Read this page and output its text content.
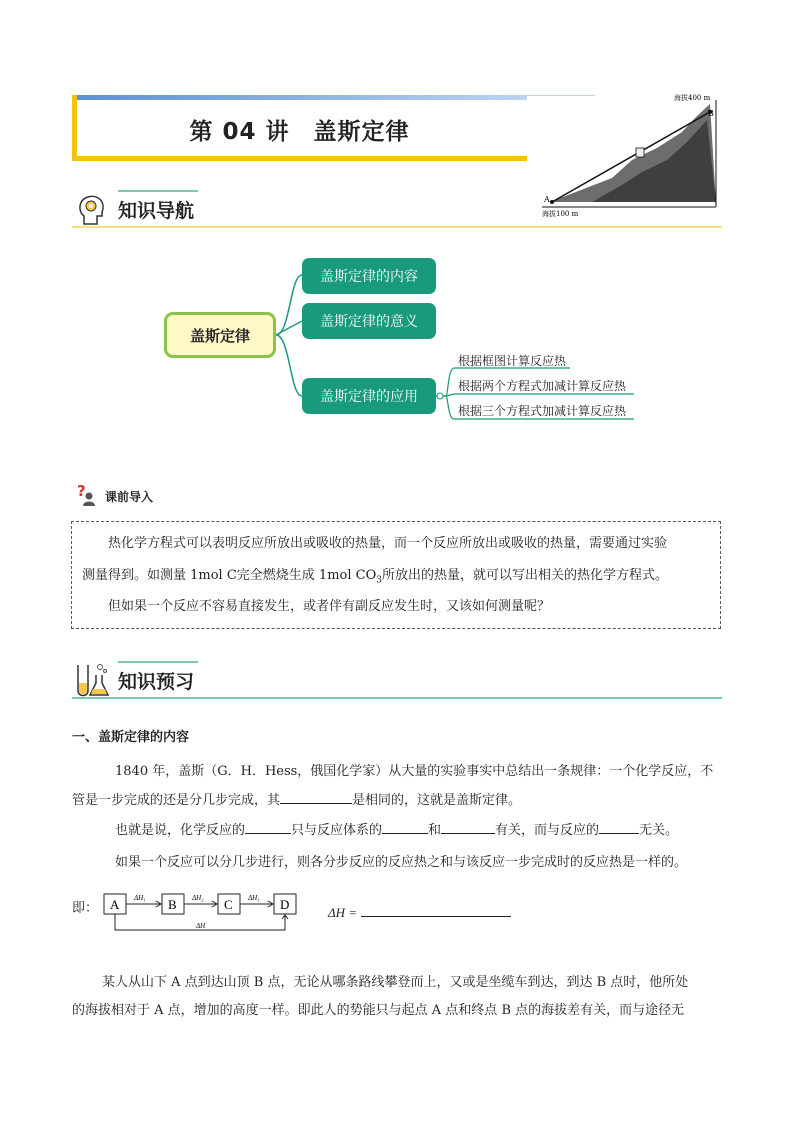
第 04 讲　 盖斯定律
海拔400 m
B
A
海拔100 m
知识导航
盖斯定律
盖斯定律的内容
盖斯定律的意义
盖斯定律的应用
根据框图计算反应热
根据两个方程式加减计算反应热
根据三个方程式加减计算反应热
? 课前导入
热化学方程式可以表明反应所放出或吸收的热量，而一个反应所放出或吸收的热量，需要通过实验
测量得到。如测量 1mol C完全燃烧生成 1mol $CO_3$所放出的热量，就可以写出相关的热化学方程式。
但如果一个反应不容易直接发生，或者伴有副反应发生时，又该如何测量呢？
知识预习
一、盖斯定律的内容
1840 年，盖斯（G．H．Hess，俄国化学家）从大量的实验事实中总结出一条规律：一个化学反应，不
管是一步完成的还是分几步完成，其	是相同的，这就是盖斯定律。
也就是说，化学反应的	只与反应体系的	和	有关，而与反应的	无关。
如果一个反应可以分几步进行，则各分步反应的反应热之和与该反应一步完成时的反应热是一样的。
即： A	B	C	D
ΔH₁	ΔH₂	ΔH₃
ΔH
ΔH =
某人从山下 A 点到达山顶 B 点，无论从哪条路线攀登而上，又或是坐缆车到达，到达 B 点时，他所处
的海拔相对于 A 点，增加的高度一样。即此人的势能只与起点 A 点和终点 B 点的海拔差有关，而与途径无
